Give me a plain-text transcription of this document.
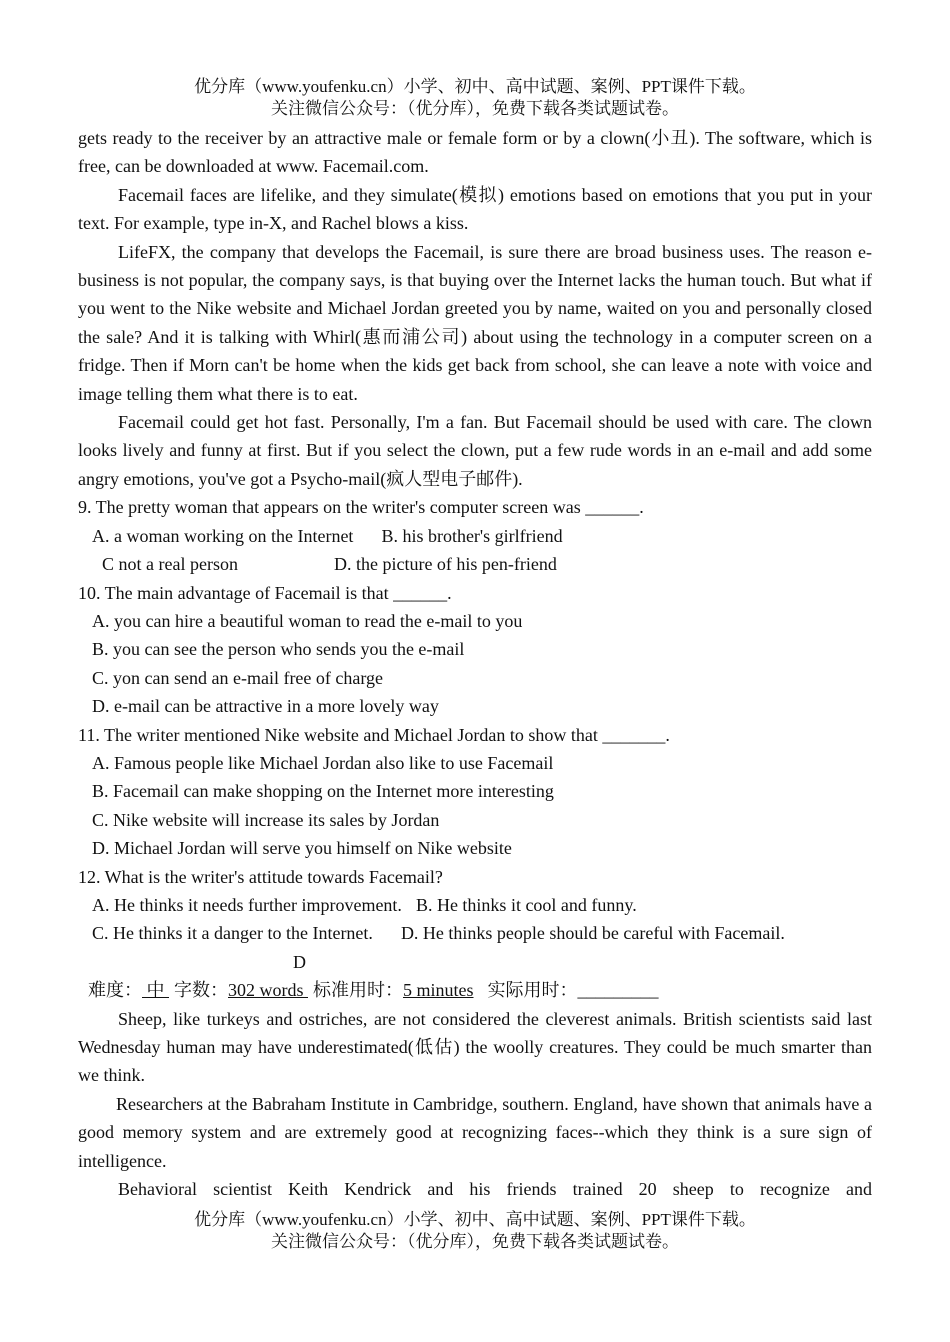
优分库（www.youfenku.cn）小学、初中、高中试题、案例、PPT课件下载。
关注微信公众号：（优分库），免费下载各类试题试卷。

gets ready to the receiver by an attractive male or female form or by a clown(小丑). The software, which is free, can be downloaded at www. Facemail.com.

Facemail faces are lifelike, and they simulate(模拟) emotions based on emotions that you put in your text. For example, type in-X, and Rachel blows a kiss.

LifeFX, the company that develops the Facemail, is sure there are broad business uses. The reason e-business is not popular, the company says, is that buying over the Internet lacks the human touch. But what if you went to the Nike website and Michael Jordan greeted you by name, waited on you and personally closed the sale? And it is talking with Whirl(惠而浦公司) about using the technology in a computer screen on a fridge. Then if Morn can't be home when the kids get back from school, she can leave a note with voice and image telling them what there is to eat.

Facemail could get hot fast. Personally, I'm a fan. But Facemail should be used with care. The clown looks lively and funny at first. But if you select the clown, put a few rude words in an e-mail and add some angry emotions, you've got a Psycho-mail(疯人型电子邮件).

9. The pretty woman that appears on the writer's computer screen was ______.

A. a woman working on the Internet B. his brother's girlfriend

C not a real person	D. the picture of his pen-friend

10. The main advantage of Facemail is that ______.

A. you can hire a beautiful woman to read the e-mail to you

B. you can see the person who sends you the e-mail

C. yon can send an e-mail free of charge

D. e-mail can be attractive in a more lovely way

11. The writer mentioned Nike website and Michael Jordan to show that _______.

A. Famous people like Michael Jordan also like to use Facemail

B. Facemail can make shopping on the Internet more interesting

C. Nike website will increase its sales by Jordan

D. Michael Jordan will serve you himself on Nike website

12. What is the writer's attitude towards Facemail?

A. He thinks it needs further improvement. B. He thinks it cool and funny.

C. He thinks it a danger to the Internet. D. He thinks people should be careful with Facemail.

D

难度： 中 字数：302 words 标准用时：5 minutes 实际用时：_________

Sheep, like turkeys and ostriches, are not considered the cleverest animals. British scientists said last Wednesday human may have underestimated(低估) the woolly creatures. They could be much smarter than we think.

Researchers at the Babraham Institute in Cambridge, southern. England, have shown that animals have a good memory system and are extremely good at recognizing faces--which they think is a sure sign of intelligence.

Behavioral scientist Keith Kendrick and his friends trained 20 sheep to recognize and

优分库（www.youfenku.cn）小学、初中、高中试题、案例、PPT课件下载。
关注微信公众号：（优分库），免费下载各类试题试卷。
